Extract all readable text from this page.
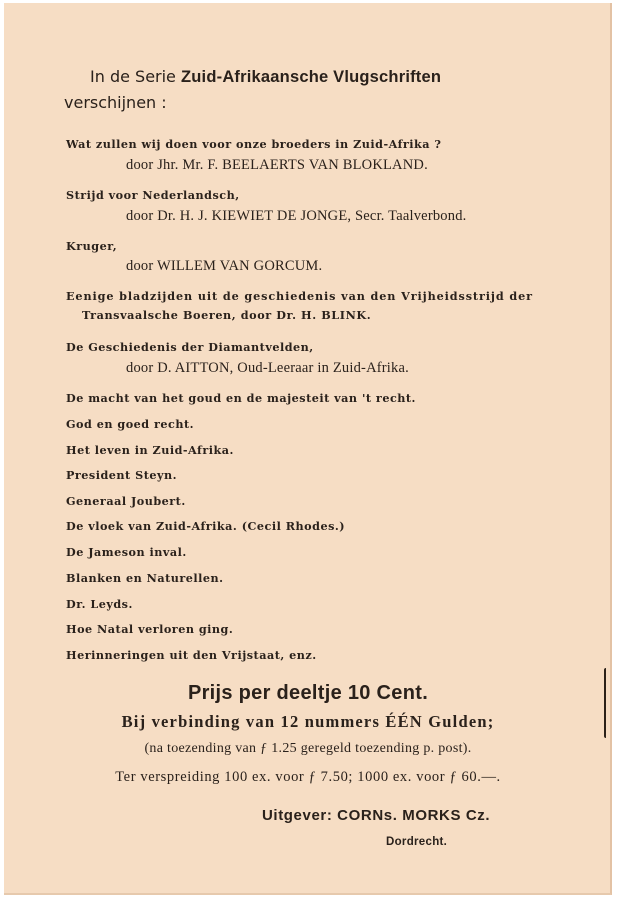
In de Serie Zuid-Afrikaansche Vlugschriften
verschijnen :
Wat zullen wij doen voor onze broeders in Zuid-Afrika ?
door Jhr. Mr. F. BEELAERTS VAN BLOKLAND.
Strijd voor Nederlandsch,
door Dr. H. J. KIEWIET DE JONGE, Secr. Taalverbond.
Kruger,
door WILLEM VAN GORCUM.
Eenige bladzijden uit de geschiedenis van den Vrijheidsstrijd der
Transvaalsche Boeren, door Dr. H. BLINK.
De Geschiedenis der Diamantvelden,
door D. AITTON, Oud-Leeraar in Zuid-Afrika.
De macht van het goud en de majesteit van 't recht.
God en goed recht.
Het leven in Zuid-Afrika.
President Steyn.
Generaal Joubert.
De vloek van Zuid-Afrika. (Cecil Rhodes.)
De Jameson inval.
Blanken en Naturellen.
Dr. Leyds.
Hoe Natal verloren ging.
Herinneringen uit den Vrijstaat, enz.
Prijs per deeltje 10 Cent.
Bij verbinding van 12 nummers ÉÉN Gulden;
(na toezending van ƒ 1.25 geregeld toezending p. post).
Ter verspreiding 100 ex. voor ƒ 7.50; 1000 ex. voor ƒ 60.—.
Uitgever: CORNs. MORKS Cz.
Dordrecht.
